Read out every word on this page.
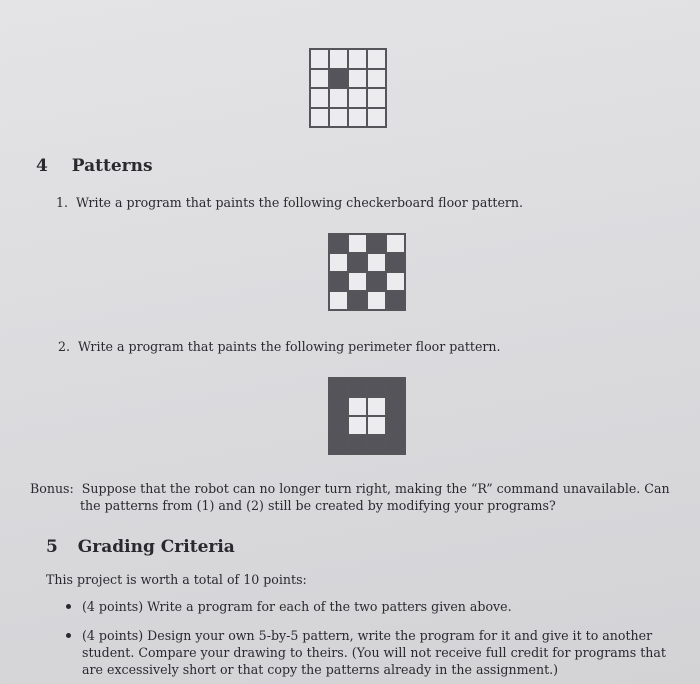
4 Patterns
1. Write a program that paints the following checkerboard floor pattern.
2. Write a program that paints the following perimeter floor pattern.
Bonus: Suppose that the robot can no longer turn right, making the “R” command unavailable. Can
the patterns from (1) and (2) still be created by modifying your programs?
5 Grading Criteria
This project is worth a total of 10 points:
(4 points) Write a program for each of the two patters given above.
(4 points) Design your own 5-by-5 pattern, write the program for it and give it to another
student. Compare your drawing to theirs. (You will not receive full credit for programs that
are excessively short or that copy the patterns already in the assignment.)
